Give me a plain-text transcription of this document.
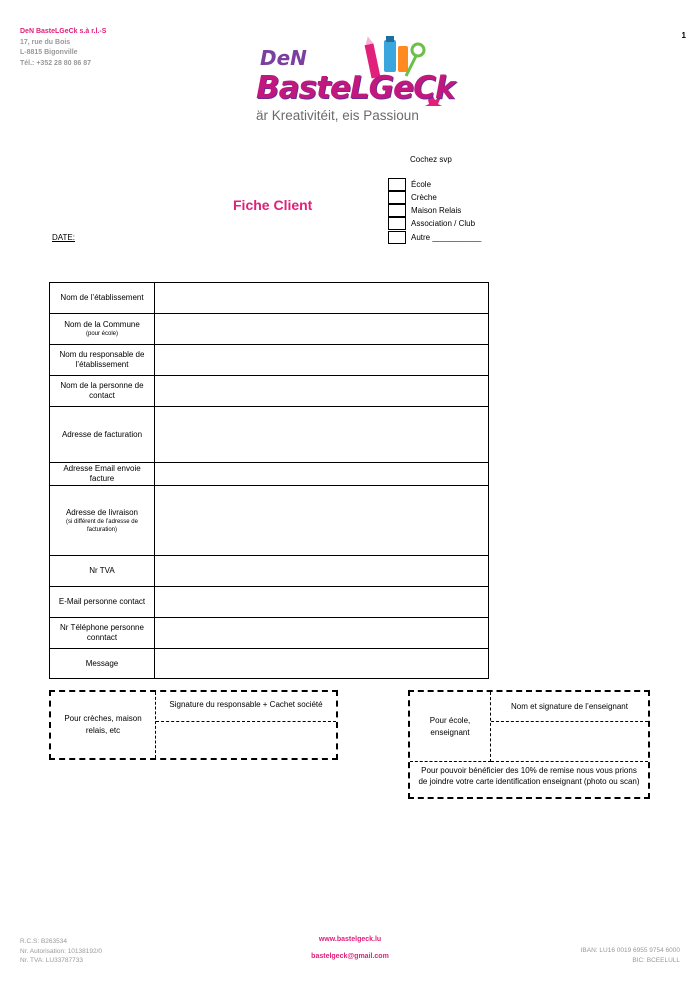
DeN BasteLGeCk s.à r.l.-S
17, rue du Bois
L-8815 Bigonville
Tél.: +352 28 80 86 87
1
DeN
BasteLGeCk
är Kreativitéit, eis Passioun
Cochez svp
École
Crèche
Maison Relais
Association / Club
Autre ___________
Fiche Client
DATE:
Nom de l’établissement
Nom de la Commune
(pour école)
Nom du responsable de l’établissement
Nom de la personne de contact
Adresse de facturation
Adresse Email envoie facture
Adresse de livraison
(si différent de l’adresse de facturation)
Nr TVA
E-Mail personne contact
Nr Téléphone personne conntact
Message
Pour crèches, maison relais, etc
Signature du responsable + Cachet société
Pour école, enseignant
Nom et signature de l’enseignant
Pour pouvoir bénéficier des 10% de remise nous vous prions de joindre votre carte identification enseignant (photo ou scan)
R.C.S: B263534
Nr. Autorisation: 10138192/0
Nr. TVA: LU33787733
www.bastelgeck.lu
bastelgeck@gmail.com
IBAN: LU16 0019 6955 9754 6000
BIC: BCEELULL
